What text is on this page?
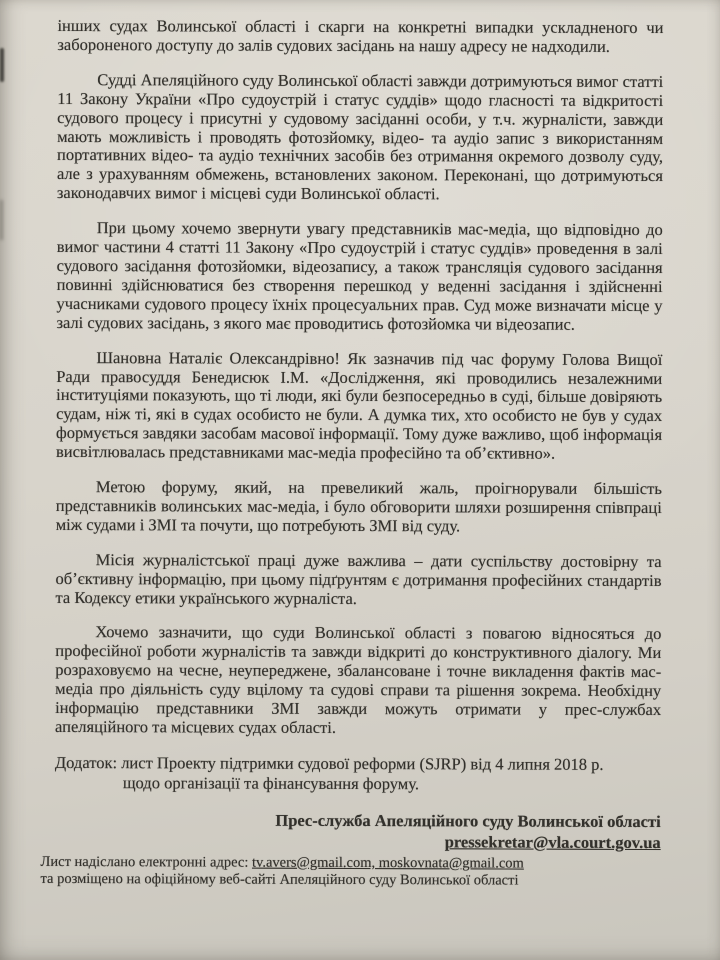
інших судах Волинської області і скарги на конкретні випадки ускладненого чи забороненого доступу до залів судових засідань на нашу адресу не надходили.

Судді Апеляційного суду Волинської області завжди дотримуються вимог статті 11 Закону України «Про судоустрій і статус суддів» щодо гласності та відкритості судового процесу і присутні у судовому засіданні особи, у т.ч. журналісти, завжди мають можливість і проводять фотозйомку, відео- та аудіо запис з використанням портативних відео- та аудіо технічних засобів без отримання окремого дозволу суду, але з урахуванням обмежень, встановлених законом. Переконані, що дотримуються законодавчих вимог і місцеві суди Волинської області.

При цьому хочемо звернути увагу представників мас-медіа, що відповідно до вимог частини 4 статті 11 Закону «Про судоустрій і статус суддів» проведення в залі судового засідання фотозйомки, відеозапису, а також трансляція судового засідання повинні здійснюватися без створення перешкод у веденні засідання і здійсненні учасниками судового процесу їхніх процесуальних прав. Суд може визначати місце у залі судових засідань, з якого має проводитись фотозйомка чи відеозапис.

Шановна Наталіє Олександрівно! Як зазначив під час форуму Голова Вищої Ради правосуддя Бенедисюк І.М. «Дослідження, які проводились незалежними інституціями показують, що ті люди, які були безпосередньо в суді, більше довіряють судам, ніж ті, які в судах особисто не були. А думка тих, хто особисто не був у судах формується завдяки засобам масової інформації. Тому дуже важливо, щоб інформація висвітлювалась представниками мас-медіа професійно та об’єктивно».

Метою форуму, який, на превеликий жаль, проігнорували більшість представників волинських мас-медіа, і було обговорити шляхи розширення співпраці між судами і ЗМІ та почути, що потребують ЗМІ від суду.

Місія журналістської праці дуже важлива – дати суспільству достовірну та об’єктивну інформацію, при цьому підґрунтям є дотримання професійних стандартів та Кодексу етики українського журналіста.

Хочемо зазначити, що суди Волинської області з повагою відносяться до професійної роботи журналістів та завжди відкриті до конструктивного діалогу. Ми розраховуємо на чесне, неупереджене, збалансоване і точне викладення фактів мас-медіа про діяльність суду вцілому та судові справи та рішення зокрема. Необхідну інформацію представники ЗМІ завжди можуть отримати у прес-службах апеляційного та місцевих судах області.

Додаток: лист Проекту підтримки судової реформи (SJRP) від 4 липня 2018 р.
щодо організації та фінансування форуму.
Прес-служба Апеляційного суду Волинської області
pressekretar@vla.court.gov.ua
Лист надіслано електронні адрес: tv.avers@gmail.com, moskovnata@gmail.com
та розміщено на офіційному веб-сайті Апеляційного суду Волинської області
